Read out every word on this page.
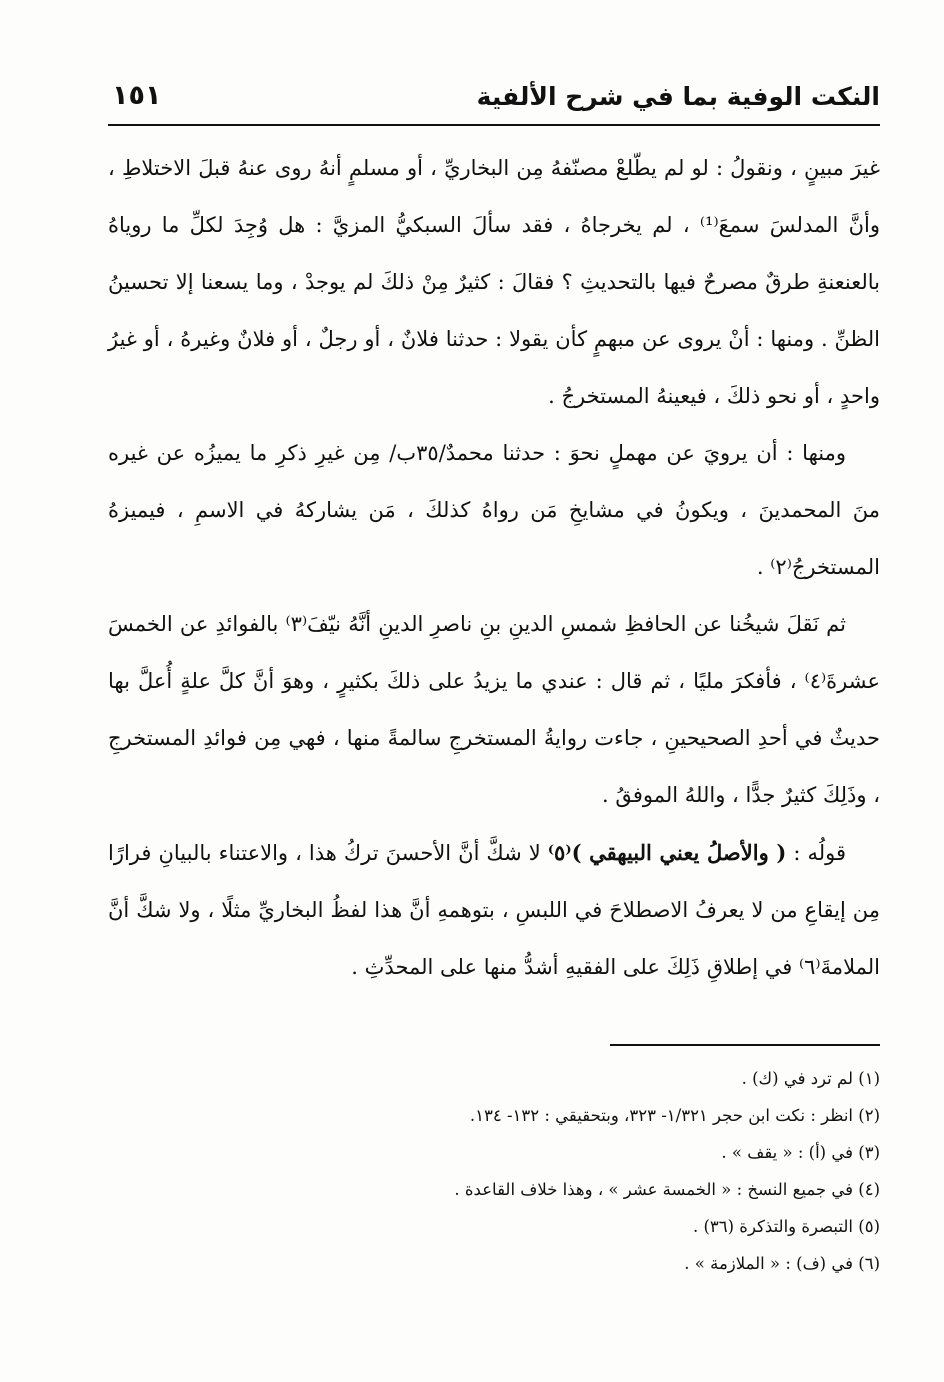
النكت الوفية بما في شرح الألفية
١٥١

غيرَ مبينٍ ، ونقولُ : لو لم يطّلعْ مصنّفهُ مِن البخاريِّ ، أو مسلمٍ أنهُ روى عنهُ قبلَ الاختلاطِ ، وأنَّ المدلسَ سمعَ⁽¹⁾ ، لم يخرجاهُ ، فقد سألَ السبكيُّ المزيَّ : هل وُجِدَ لكلِّ ما روياهُ بالعنعنةِ طرقٌ مصرحٌ فيها بالتحديثِ ؟ فقالَ : كثيرٌ مِنْ ذلكَ لم يوجدْ ، وما يسعنا إلا تحسينُ الظنِّ . ومنها : أنْ يروى عن مبهمٍ كأن يقولا : حدثنا فلانٌ ، أو رجلٌ ، أو فلانٌ وغيرهُ ، أو غيرُ واحدٍ ، أو نحو ذلكَ ، فيعينهُ المستخرجُ .

ومنها : أن يرويَ عن مهملٍ نحوَ : حدثنا محمدٌ/٣٥ب/ مِن غيرِ ذكرِ ما يميزُه عن غيره منَ المحمدينَ ، ويكونُ في مشايخِ مَن رواهُ كذلكَ ، مَن يشاركهُ في الاسمِ ، فيميزهُ المستخرجُ⁽٢⁾ .

ثم نَقلَ شيخُنا عن الحافظِ شمسِ الدينِ بنِ ناصرِ الدينِ أنَّهُ نيّفَ⁽٣⁾ بالفوائدِ عن الخمسَ عشرةَ⁽٤⁾ ، فأفكرَ مليًا ، ثم قال : عندي ما يزيدُ على ذلكَ بكثيرٍ ، وهوَ أنَّ كلَّ علةٍ أُعلَّ بها حديثٌ في أحدِ الصحيحينِ ، جاءت روايةُ المستخرجِ سالمةً منها ، فهي مِن فوائدِ المستخرجِ ، وذَلِكَ كثيرٌ جدًّا ، واللهُ الموفقُ .

قولُه : ( والأصلُ يعني البيهقي )⁽٥⁾ لا شكَّ أنَّ الأحسنَ تركُ هذا ، والاعتناء بالبيانِ فرارًا مِن إيقاعِ من لا يعرفُ الاصطلاحَ في اللبسِ ، بتوهمهِ أنَّ هذا لفظُ البخاريِّ مثلًا ، ولا شكَّ أنَّ الملامةَ⁽٦⁾ في إطلاقِ ذَلِكَ على الفقيهِ أشدُّ منها على المحدِّثِ .

(١) لم ترد في (ك) .

(٢) انظر : نكت ابن حجر ١/٣٢١- ٣٢٣، وبتحقيقي : ١٣٢- ١٣٤.

(٣) في (أ) : « يقف » .

(٤) في جميع النسخ : « الخمسة عشر » ، وهذا خلاف القاعدة .

(٥) التبصرة والتذكرة (٣٦) .

(٦) في (ف) : « الملازمة » .
